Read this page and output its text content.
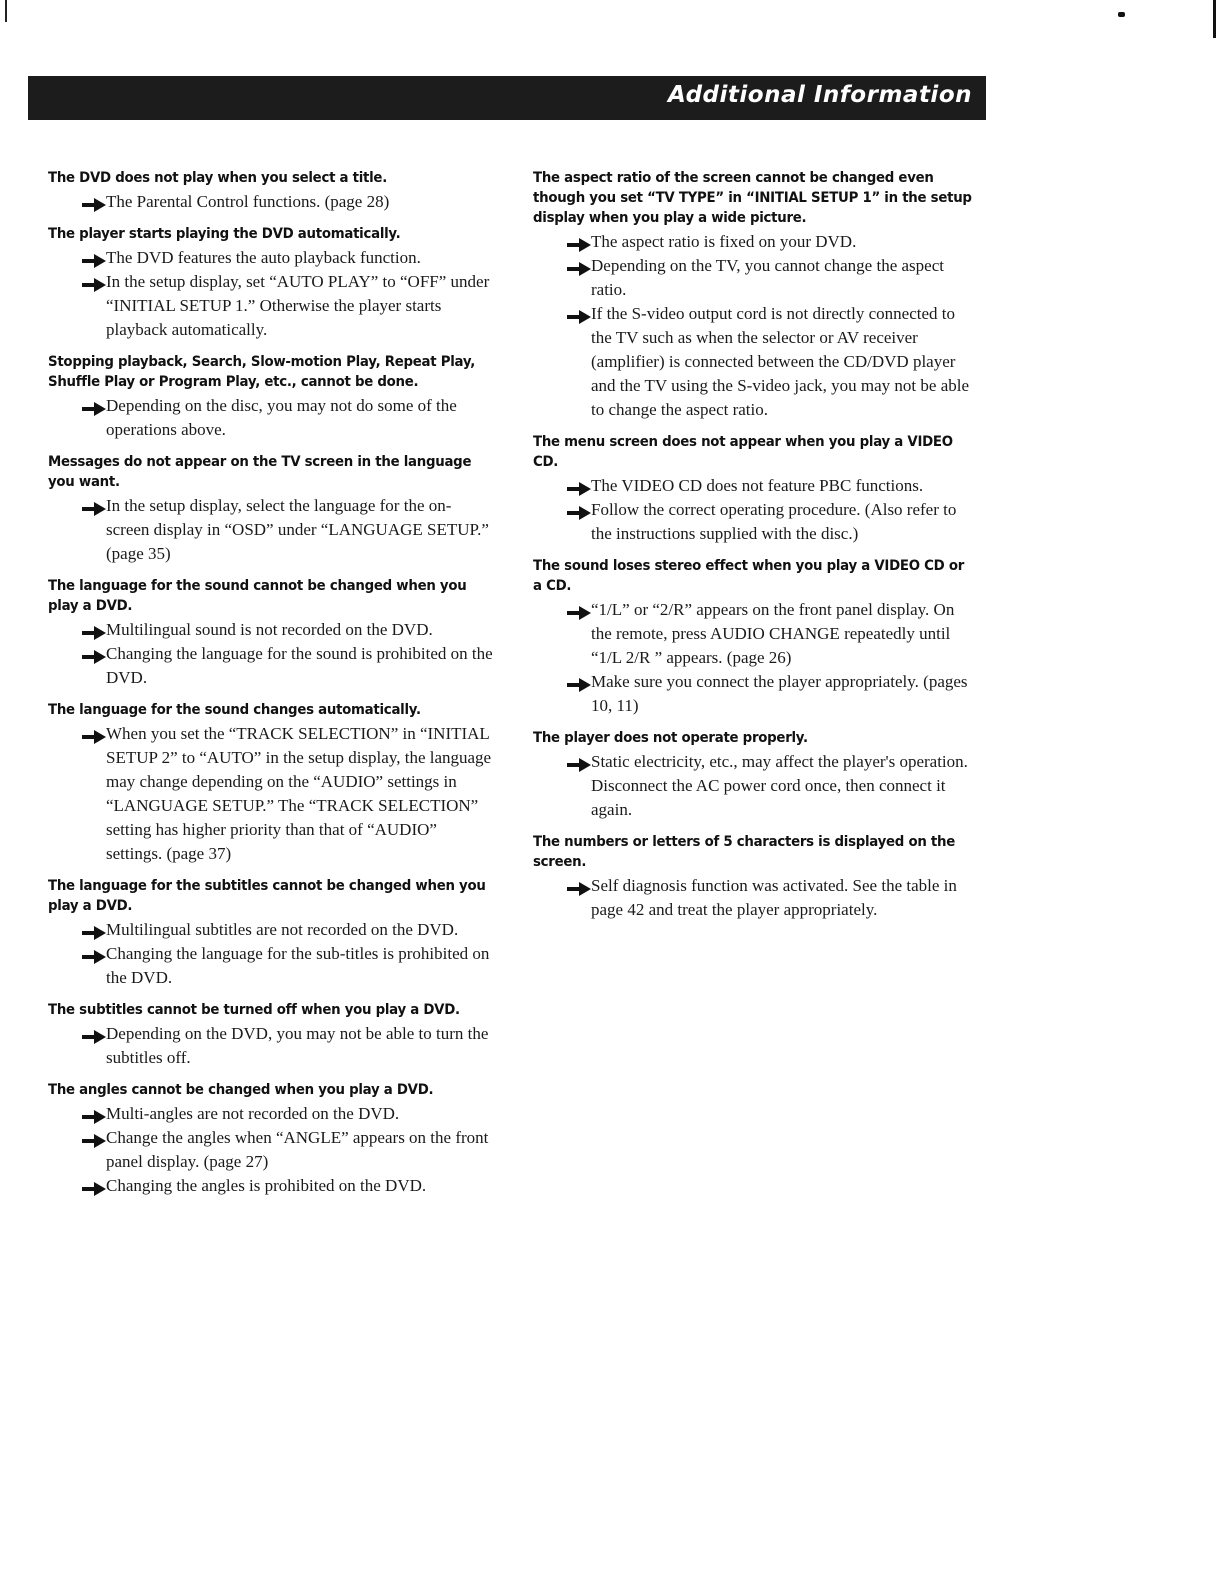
Additional Information
The DVD does not play when you select a title.
The Parental Control functions. (page 28)
The player starts playing the DVD automatically.
The DVD features the auto playback function.
In the setup display, set “AUTO PLAY” to “OFF” under “INITIAL SETUP 1.” Otherwise the player starts playback automatically.
Stopping playback, Search, Slow-motion Play, Repeat Play, Shuffle Play or Program Play, etc., cannot be done.
Depending on the disc, you may not do some of the operations above.
Messages do not appear on the TV screen in the language you want.
In the setup display, select the language for the on-screen display in “OSD” under “LANGUAGE SETUP.” (page 35)
The language for the sound cannot be changed when you play a DVD.
Multilingual sound is not recorded on the DVD.
Changing the language for the sound is prohibited on the DVD.
The language for the sound changes automatically.
When you set the “TRACK SELECTION” in “INITIAL SETUP 2” to “AUTO” in the setup display, the language may change depending on the “AUDIO” settings in “LANGUAGE SETUP.” The “TRACK SELECTION” setting has higher priority than that of “AUDIO” settings. (page 37)
The language for the subtitles cannot be changed when you play a DVD.
Multilingual subtitles are not recorded on the DVD.
Changing the language for the sub-titles is prohibited on the DVD.
The subtitles cannot be turned off when you play a DVD.
Depending on the DVD, you may not be able to turn the subtitles off.
The angles cannot be changed when you play a DVD.
Multi-angles are not recorded on the DVD.
Change the angles when “ANGLE” appears on the front panel display. (page 27)
Changing the angles is prohibited on the DVD.
The aspect ratio of the screen cannot be changed even though you set “TV TYPE” in “INITIAL SETUP 1” in the setup display when you play a wide picture.
The aspect ratio is fixed on your DVD.
Depending on the TV, you cannot change the aspect ratio.
If the S-video output cord is not directly connected to the TV such as when the selector or AV receiver (amplifier) is connected between the CD/DVD player and the TV using the S-video jack, you may not be able to change the aspect ratio.
The menu screen does not appear when you play a VIDEO CD.
The VIDEO CD does not feature PBC functions.
Follow the correct operating procedure. (Also refer to the instructions supplied with the disc.)
The sound loses stereo effect when you play a VIDEO CD or a CD.
“1/L” or “2/R” appears on the front panel display. On the remote, press AUDIO CHANGE repeatedly until “1/L 2/R ” appears. (page 26)
Make sure you connect the player appropriately. (pages 10, 11)
The player does not operate properly.
Static electricity, etc., may affect the player's operation. Disconnect the AC power cord once, then connect it again.
The numbers or letters of 5 characters is displayed on the screen.
Self diagnosis function was activated. See the table in page 42 and treat the player appropriately.
